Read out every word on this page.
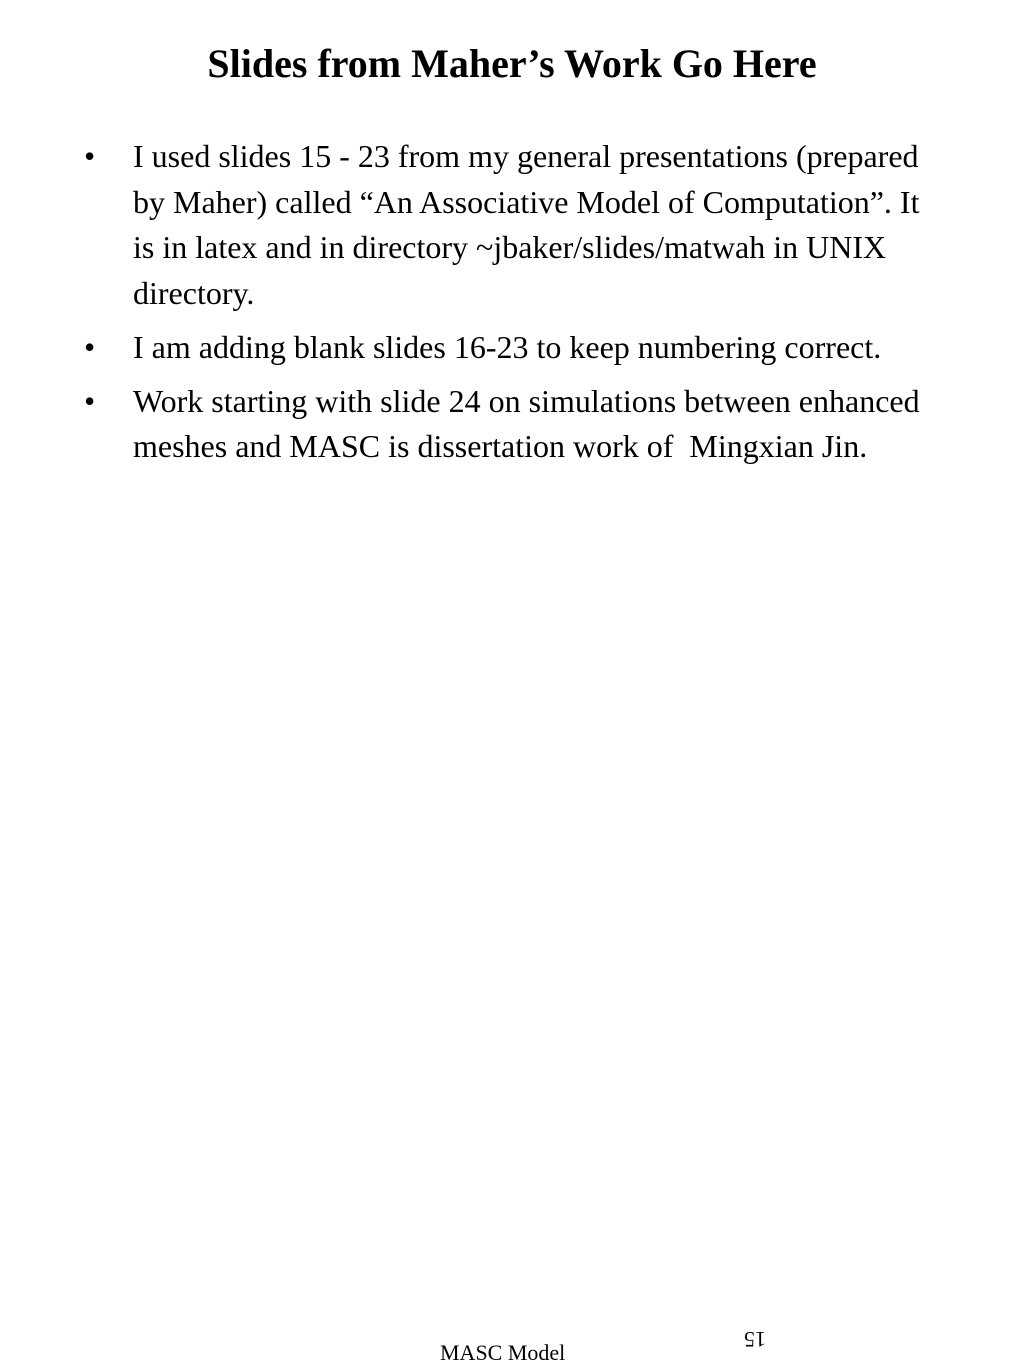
Slides from Maher’s Work Go Here
• I used slides 15 - 23 from my general presentations (prepared by Maher) called “An Associative Model of Computation”. It is in latex and in directory ~jbaker/slides/matwah in UNIX directory.
• I am adding blank slides 16-23 to keep numbering correct.
• Work starting with slide 24 on simulations between enhanced meshes and MASC is dissertation work of  Mingxian Jin.
MASC Model
15
